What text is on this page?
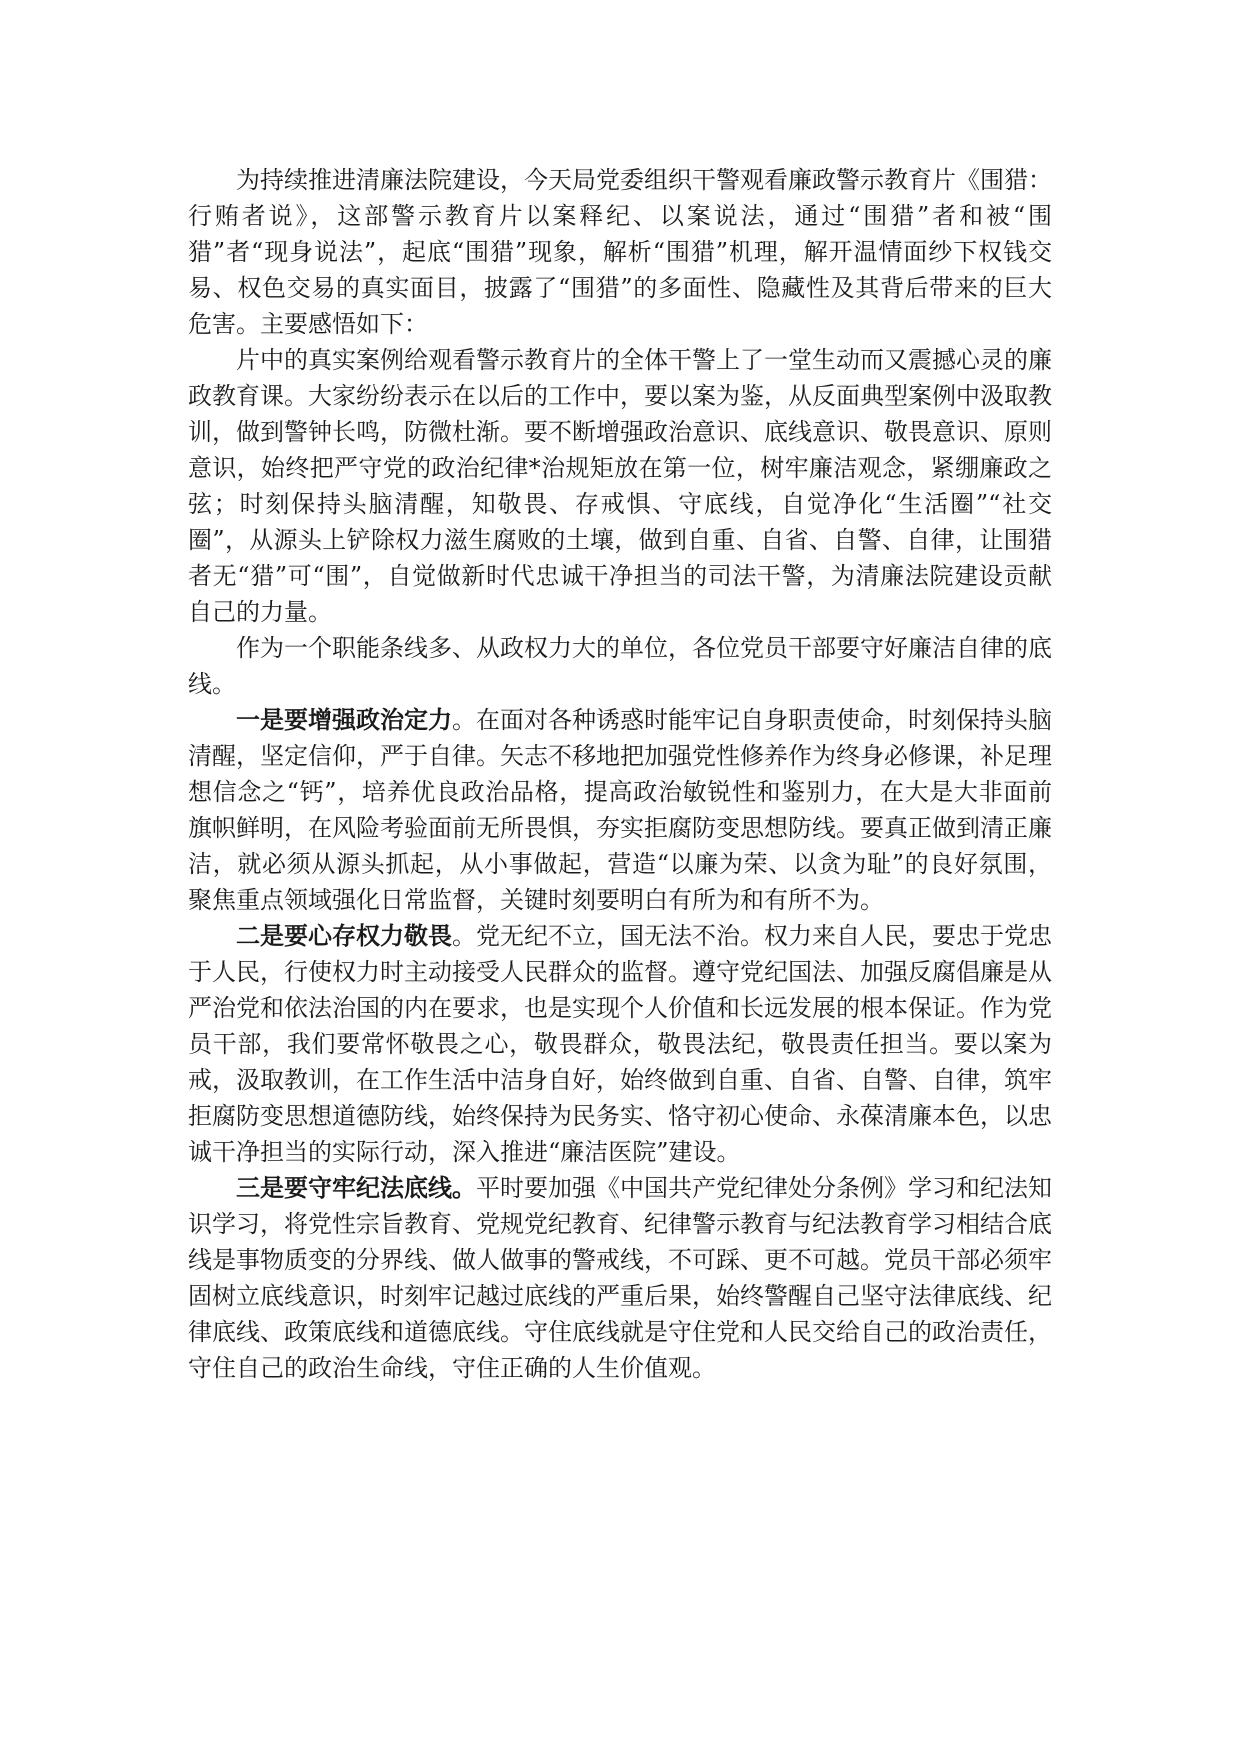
为持续推进清廉法院建设，今天局党委组织干警观看廉政警示教育片《围猎：行贿者说》，这部警示教育片以案释纪、以案说法，通过“围猎”者和被“围猎”者“现身说法”，起底“围猎”现象，解析“围猎”机理，解开温情面纱下权钱交易、权色交易的真实面目，披露了“围猎”的多面性、隐藏性及其背后带来的巨大危害。主要感悟如下：

片中的真实案例给观看警示教育片的全体干警上了一堂生动而又震撼心灵的廉政教育课。大家纷纷表示在以后的工作中，要以案为鉴，从反面典型案例中汲取教训，做到警钟长鸣，防微杜渐。要不断增强政治意识、底线意识、敬畏意识、原则意识，始终把严守党的政治纪律*治规矩放在第一位，树牢廉洁观念，紧绷廉政之弦；时刻保持头脑清醒，知敬畏、存戒惧、守底线，自觉净化“生活圈”“社交圈”，从源头上铲除权力滋生腐败的土壤，做到自重、自省、自警、自律，让围猎者无“猎”可“围”，自觉做新时代忠诚干净担当的司法干警，为清廉法院建设贡献自己的力量。

作为一个职能条线多、从政权力大的单位，各位党员干部要守好廉洁自律的底线。

一是要增强政治定力。在面对各种诱惑时能牢记自身职责使命，时刻保持头脑清醒，坚定信仰，严于自律。矢志不移地把加强党性修养作为终身必修课，补足理想信念之“钙”，培养优良政治品格，提高政治敏锐性和鉴别力，在大是大非面前旗帜鲜明，在风险考验面前无所畏惧，夯实拒腐防变思想防线。要真正做到清正廉洁，就必须从源头抓起，从小事做起，营造“以廉为荣、以贪为耻”的良好氛围，聚焦重点领域强化日常监督，关键时刻要明白有所为和有所不为。

二是要心存权力敬畏。党无纪不立，国无法不治。权力来自人民，要忠于党忠于人民，行使权力时主动接受人民群众的监督。遵守党纪国法、加强反腐倡廉是从严治党和依法治国的内在要求，也是实现个人价值和长远发展的根本保证。作为党员干部，我们要常怀敬畏之心，敬畏群众，敬畏法纪，敬畏责任担当。要以案为戒，汲取教训，在工作生活中洁身自好，始终做到自重、自省、自警、自律，筑牢拒腐防变思想道德防线，始终保持为民务实、恪守初心使命、永葆清廉本色，以忠诚干净担当的实际行动，深入推进“廉洁医院”建设。

三是要守牢纪法底线。平时要加强《中国共产党纪律处分条例》学习和纪法知识学习，将党性宗旨教育、党规党纪教育、纪律警示教育与纪法教育学习相结合底线是事物质变的分界线、做人做事的警戒线，不可踩、更不可越。党员干部必须牢固树立底线意识，时刻牢记越过底线的严重后果，始终警醒自己坚守法律底线、纪律底线、政策底线和道德底线。守住底线就是守住党和人民交给自己的政治责任，守住自己的政治生命线，守住正确的人生价值观。
